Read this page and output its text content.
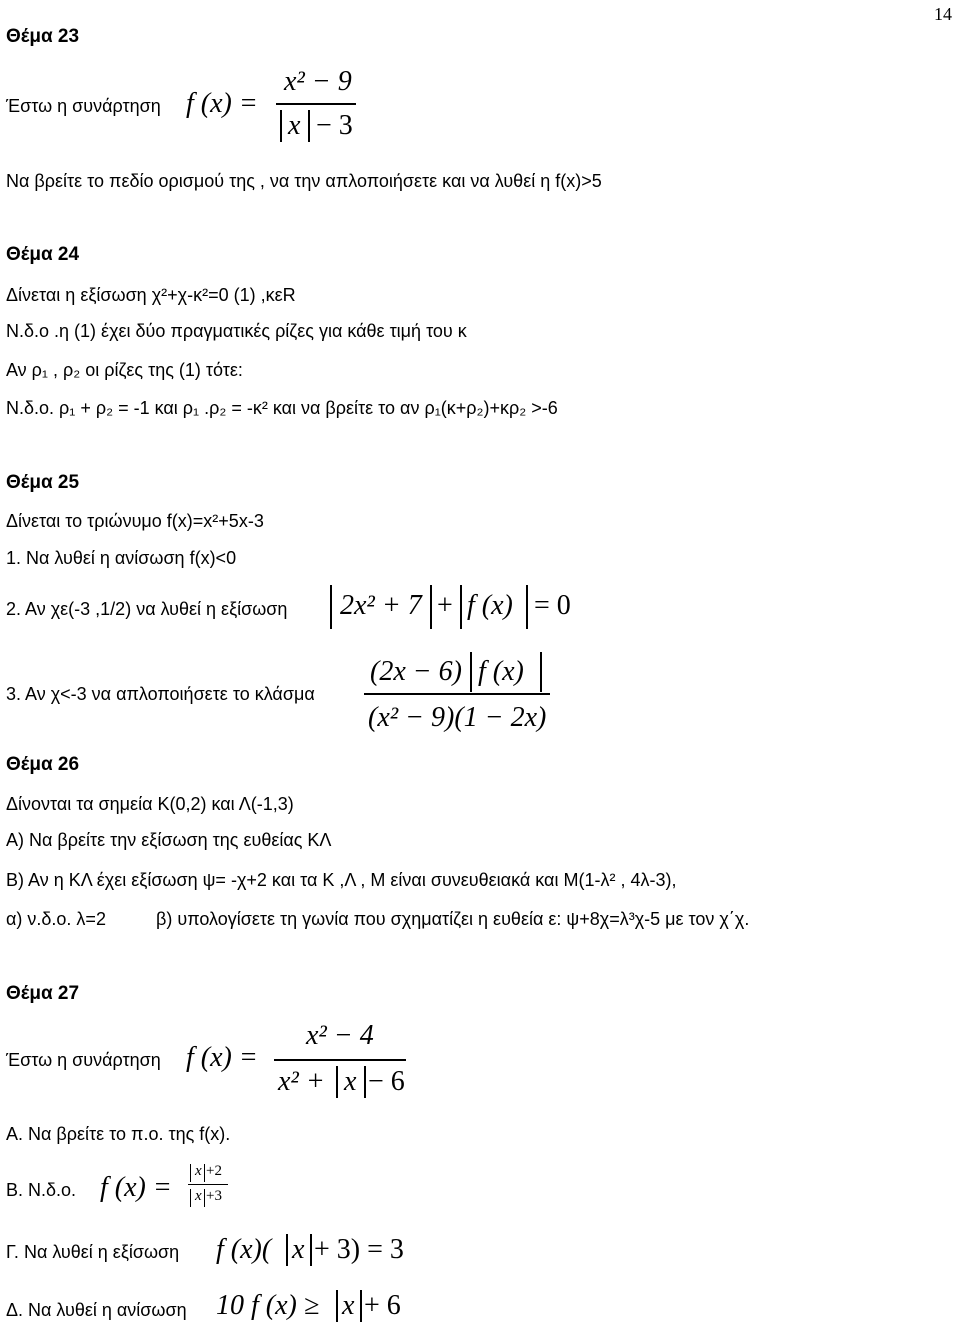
14
Θέμα 23
Έστω η συνάρτηση f (x) =
x² − 9
x − 3
Να βρείτε το πεδίο ορισμού της , να την απλοποιήσετε και να λυθεί η f(x)>5
Θέμα 24
Δίνεται η εξίσωση χ²+χ-κ²=0 (1) ,κεR
Ν.δ.ο .η (1) έχει δύο πραγματικές ρίζες για κάθε τιμή του κ
Αν ρ₁ , ρ₂ οι ρίζες της (1) τότε:
Ν.δ.ο. ρ₁ + ρ₂ = -1 και ρ₁ .ρ₂ = -κ² και να βρείτε το αν ρ₁(κ+ρ₂)+κρ₂ >-6
Θέμα 25
Δίνεται το τριώνυμο f(x)=x²+5x-3
1. Να λυθεί η ανίσωση f(x)<0
2. Αν χε(-3 ,1/2) να λυθεί η εξίσωση 2x² + 7 + f (x) = 0
3. Αν χ<-3 να απλοποιήσετε το κλάσμα
(2x − 6) f (x)
(x² − 9)(1 − 2x)
Θέμα 26
Δίνονται τα σημεία Κ(0,2) και Λ(-1,3)
Α) Να βρείτε την εξίσωση της ευθείας ΚΛ
Β) Αν η ΚΛ έχει εξίσωση ψ= -χ+2 και τα Κ ,Λ , Μ είναι συνευθειακά και Μ(1-λ² , 4λ-3),
α) ν.δ.ο. λ=2	β) υπολογίσετε τη γωνία που σχηματίζει η ευθεία ε: ψ+8χ=λ³χ-5 με τον χ΄χ.
Θέμα 27
Έστω η συνάρτηση f (x) =
x² − 4
x² + x − 6
Α. Να βρείτε το π.ο. της f(x).
Β. Ν.δ.ο. f (x) =
x +2
x +3
Γ. Να λυθεί η εξίσωση f (x)( x + 3) = 3
Δ. Να λυθεί η ανίσωση 10 f (x) ≥ x + 6
